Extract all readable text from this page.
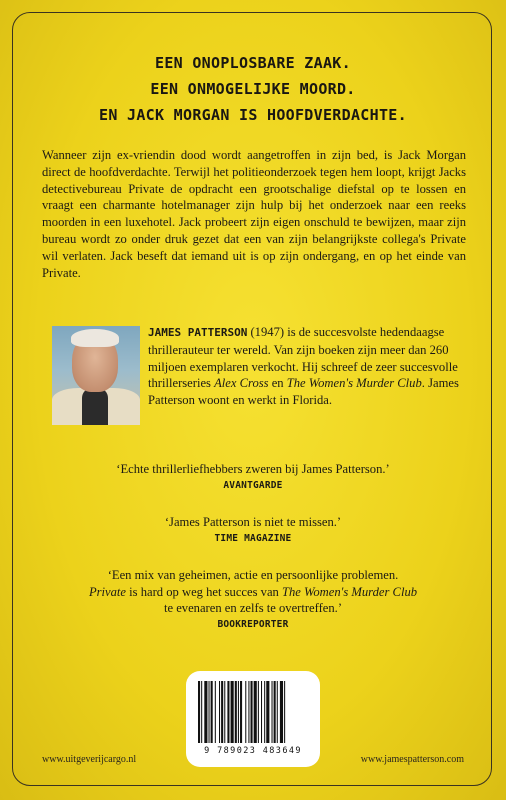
EEN ONOPLOSBARE ZAAK.
EEN ONMOGELIJKE MOORD.
EN JACK MORGAN IS HOOFDVERDACHTE.
Wanneer zijn ex-vriendin dood wordt aangetroffen in zijn bed, is Jack Morgan direct de hoofdverdachte. Terwijl het politieonderzoek tegen hem loopt, krijgt Jacks detectivebureau Private de opdracht een grootschalige diefstal op te lossen en vraagt een charmante hotelmanager zijn hulp bij het onderzoek naar een reeks moorden in een luxehotel. Jack probeert zijn eigen onschuld te bewijzen, maar zijn bureau wordt zo onder druk gezet dat een van zijn belangrijkste collega's Private wil verlaten. Jack beseft dat iemand uit is op zijn ondergang, en op het einde van Private.
JAMES PATTERSON (1947) is de succesvolste hedendaagse thrillerauteur ter wereld. Van zijn boeken zijn meer dan 260 miljoen exemplaren verkocht. Hij schreef de zeer succesvolle thrillerseries Alex Cross en The Women's Murder Club. James Patterson woont en werkt in Florida.
‘Echte thrillerliefhebbers zweren bij James Patterson.’
AVANTGARDE
‘James Patterson is niet te missen.’
TIME MAGAZINE
‘Een mix van geheimen, actie en persoonlijke problemen.
Private is hard op weg het succes van The Women's Murder Club
te evenaren en zelfs te overtreffen.’
BOOKREPORTER
9 789023 483649
www.uitgeverijcargo.nl	www.jamespatterson.com
